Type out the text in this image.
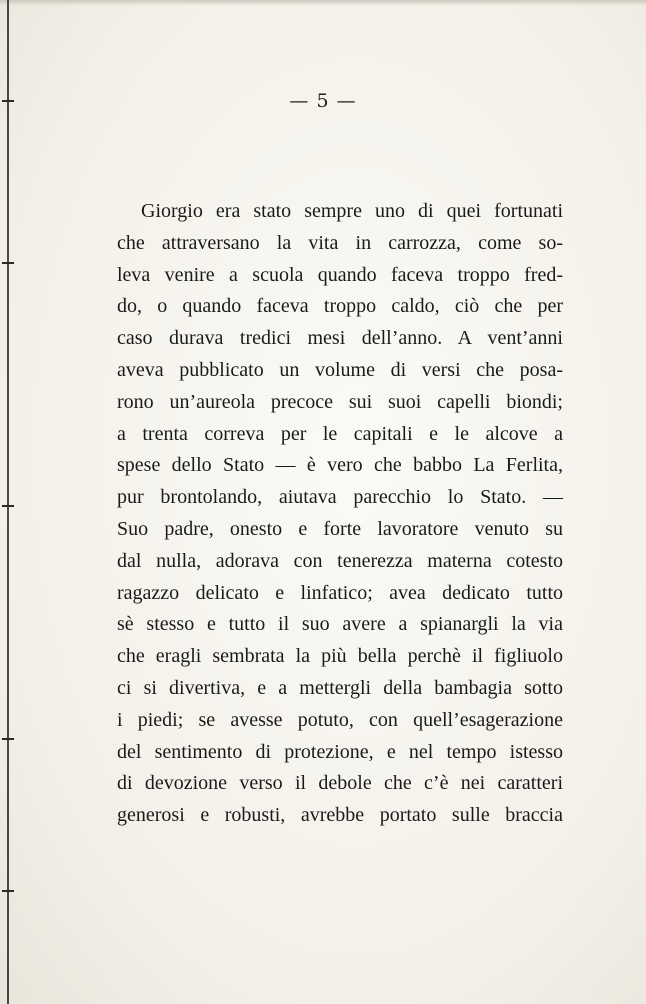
— 5 —
Giorgio era stato sempre uno di quei fortunati
che attraversano la vita in carrozza, come so-
leva venire a scuola quando faceva troppo fred-
do, o quando faceva troppo caldo, ciò che per
caso durava tredici mesi dell’anno. A vent’anni
aveva pubblicato un volume di versi che posa-
rono un’aureola precoce sui suoi capelli biondi;
a trenta correva per le capitali e le alcove a
spese dello Stato — è vero che babbo La Ferlita,
pur brontolando, aiutava parecchio lo Stato. —
Suo padre, onesto e forte lavoratore venuto su
dal nulla, adorava con tenerezza materna cotesto
ragazzo delicato e linfatico; avea dedicato tutto
sè stesso e tutto il suo avere a spianargli la via
che eragli sembrata la più bella perchè il figliuolo
ci si divertiva, e a mettergli della bambagia sotto
i piedi; se avesse potuto, con quell’esagerazione
del sentimento di protezione, e nel tempo istesso
di devozione verso il debole che c’è nei caratteri
generosi e robusti, avrebbe portato sulle braccia
